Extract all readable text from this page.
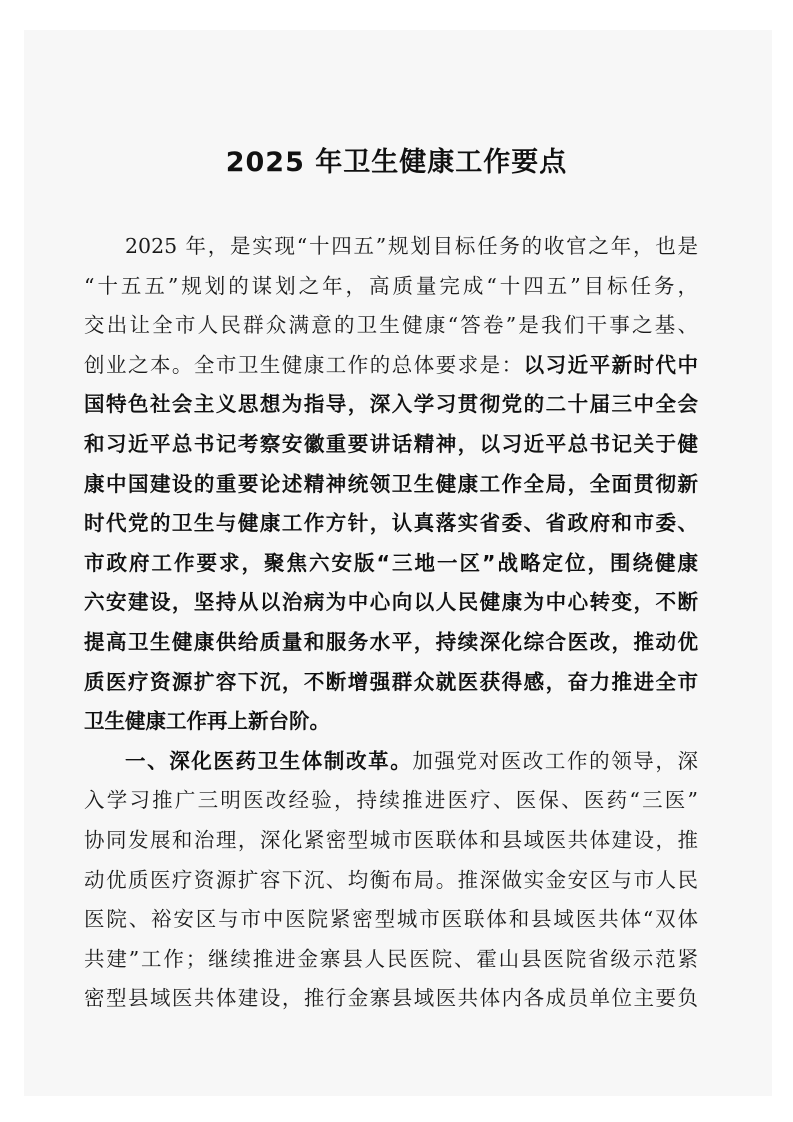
2025 年卫生健康工作要点
2025 年，是实现“十四五”规划目标任务的收官之年，也是
“十五五”规划的谋划之年，高质量完成“十四五”目标任务，
交出让全市人民群众满意的卫生健康“答卷”是我们干事之基、
创业之本。全市卫生健康工作的总体要求是：以习近平新时代中
国特色社会主义思想为指导，深入学习贯彻党的二十届三中全会
和习近平总书记考察安徽重要讲话精神，以习近平总书记关于健
康中国建设的重要论述精神统领卫生健康工作全局，全面贯彻新
时代党的卫生与健康工作方针，认真落实省委、省政府和市委、
市政府工作要求，聚焦六安版“三地一区”战略定位，围绕健康
六安建设，坚持从以治病为中心向以人民健康为中心转变，不断
提高卫生健康供给质量和服务水平，持续深化综合医改，推动优
质医疗资源扩容下沉，不断增强群众就医获得感，奋力推进全市
卫生健康工作再上新台阶。
一、深化医药卫生体制改革。加强党对医改工作的领导，深
入学习推广三明医改经验，持续推进医疗、医保、医药“三医”
协同发展和治理，深化紧密型城市医联体和县域医共体建设，推
动优质医疗资源扩容下沉、均衡布局。推深做实金安区与市人民
医院、裕安区与市中医院紧密型城市医联体和县域医共体“双体
共建”工作；继续推进金寨县人民医院、霍山县医院省级示范紧
密型县域医共体建设，推行金寨县域医共体内各成员单位主要负
